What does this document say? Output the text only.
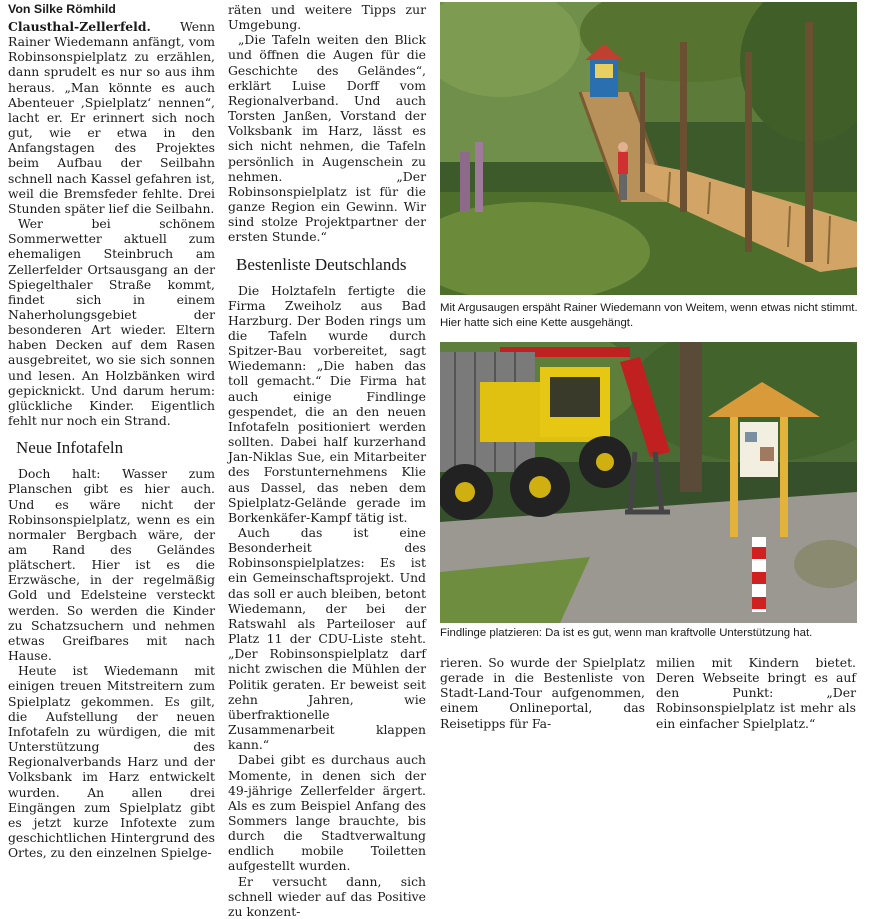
Von Silke Römhild

Clausthal-Zellerfeld. Wenn Rainer Wiedemann anfängt, vom Robinsonspielplatz zu erzählen, dann sprudelt es nur so aus ihm heraus. „Man könnte es auch Abenteuer ‚Spielplatz‘ nennen“, lacht er. Er erinnert sich noch gut, wie er etwa in den Anfangstagen des Projektes beim Aufbau der Seilbahn schnell nach Kassel gefahren ist, weil die Bremsfeder fehlte. Drei Stunden später lief die Seilbahn.

Wer bei schönem Sommerwetter aktuell zum ehemaligen Steinbruch am Zellerfelder Ortsausgang an der Spiegelthaler Straße kommt, findet sich in einem Naherholungsgebiet der besonderen Art wieder. Eltern haben Decken auf dem Rasen ausgebreitet, wo sie sich sonnen und lesen. An Holzbänken wird gepicknickt. Und darum herum: glückliche Kinder. Eigentlich fehlt nur noch ein Strand.

Neue Infotafeln

Doch halt: Wasser zum Planschen gibt es hier auch. Und es wäre nicht der Robinsonspielplatz, wenn es ein normaler Bergbach wäre, der am Rand des Geländes plätschert. Hier ist es die Erzwäsche, in der regelmäßig Gold und Edelsteine versteckt werden. So werden die Kinder zu Schatzsuchern und nehmen etwas Greifbares mit nach Hause.

Heute ist Wiedemann mit einigen treuen Mitstreitern zum Spielplatz gekommen. Es gilt, die Aufstellung der neuen Infotafeln zu würdigen, die mit Unterstützung des Regionalverbands Harz und der Volksbank im Harz entwickelt wurden. An allen drei Eingängen zum Spielplatz gibt es jetzt kurze Infotexte zum geschichtlichen Hintergrund des Ortes, zu den einzelnen Spielge-

räten und weitere Tipps zur Umgebung.

„Die Tafeln weiten den Blick und öffnen die Augen für die Geschichte des Geländes“, erklärt Luise Dorff vom Regionalverband. Und auch Torsten Janßen, Vorstand der Volksbank im Harz, lässt es sich nicht nehmen, die Tafeln persönlich in Augenschein zu nehmen. „Der Robinsonspielplatz ist für die ganze Region ein Gewinn. Wir sind stolze Projektpartner der ersten Stunde.“

Bestenliste Deutschlands

Die Holztafeln fertigte die Firma Zweiholz aus Bad Harzburg. Der Boden rings um die Tafeln wurde durch Spitzer-Bau vorbereitet, sagt Wiedemann: „Die haben das toll gemacht.“ Die Firma hat auch einige Findlinge gespendet, die an den neuen Infotafeln positioniert werden sollten. Dabei half kurzerhand Jan-Niklas Sue, ein Mitarbeiter des Forstunternehmens Klie aus Dassel, das neben dem Spielplatz-Gelände gerade im Borkenkäfer-Kampf tätig ist.

Auch das ist eine Besonderheit des Robinsonspielplatzes: Es ist ein Gemeinschaftsprojekt. Und das soll er auch bleiben, betont Wiedemann, der bei der Ratswahl als Parteiloser auf Platz 11 der CDU-Liste steht. „Der Robinsonspielplatz darf nicht zwischen die Mühlen der Politik geraten. Er beweist seit zehn Jahren, wie überfraktionelle Zusammenarbeit klappen kann.“

Dabei gibt es durchaus auch Momente, in denen sich der 49-jährige Zellerfelder ärgert. Als es zum Beispiel Anfang des Sommers lange brauchte, bis durch die Stadtverwaltung endlich mobile Toiletten aufgestellt wurden.

Er versucht dann, sich schnell wieder auf das Positive zu konzent-

Mit Argusaugen erspäht Rainer Wiedemann von Weitem, wenn etwas nicht stimmt. Hier hatte sich eine Kette ausgehängt.
Findlinge platzieren: Da ist es gut, wenn man kraftvolle Unterstützung hat.

rieren. So wurde der Spielplatz gerade in die Bestenliste von Stadt-Land-Tour aufgenommen, einem Onlineportal, das Reisetipps für Fa-

milien mit Kindern bietet. Deren Webseite bringt es auf den Punkt: „Der Robinsonspielplatz ist mehr als ein einfacher Spielplatz.“
